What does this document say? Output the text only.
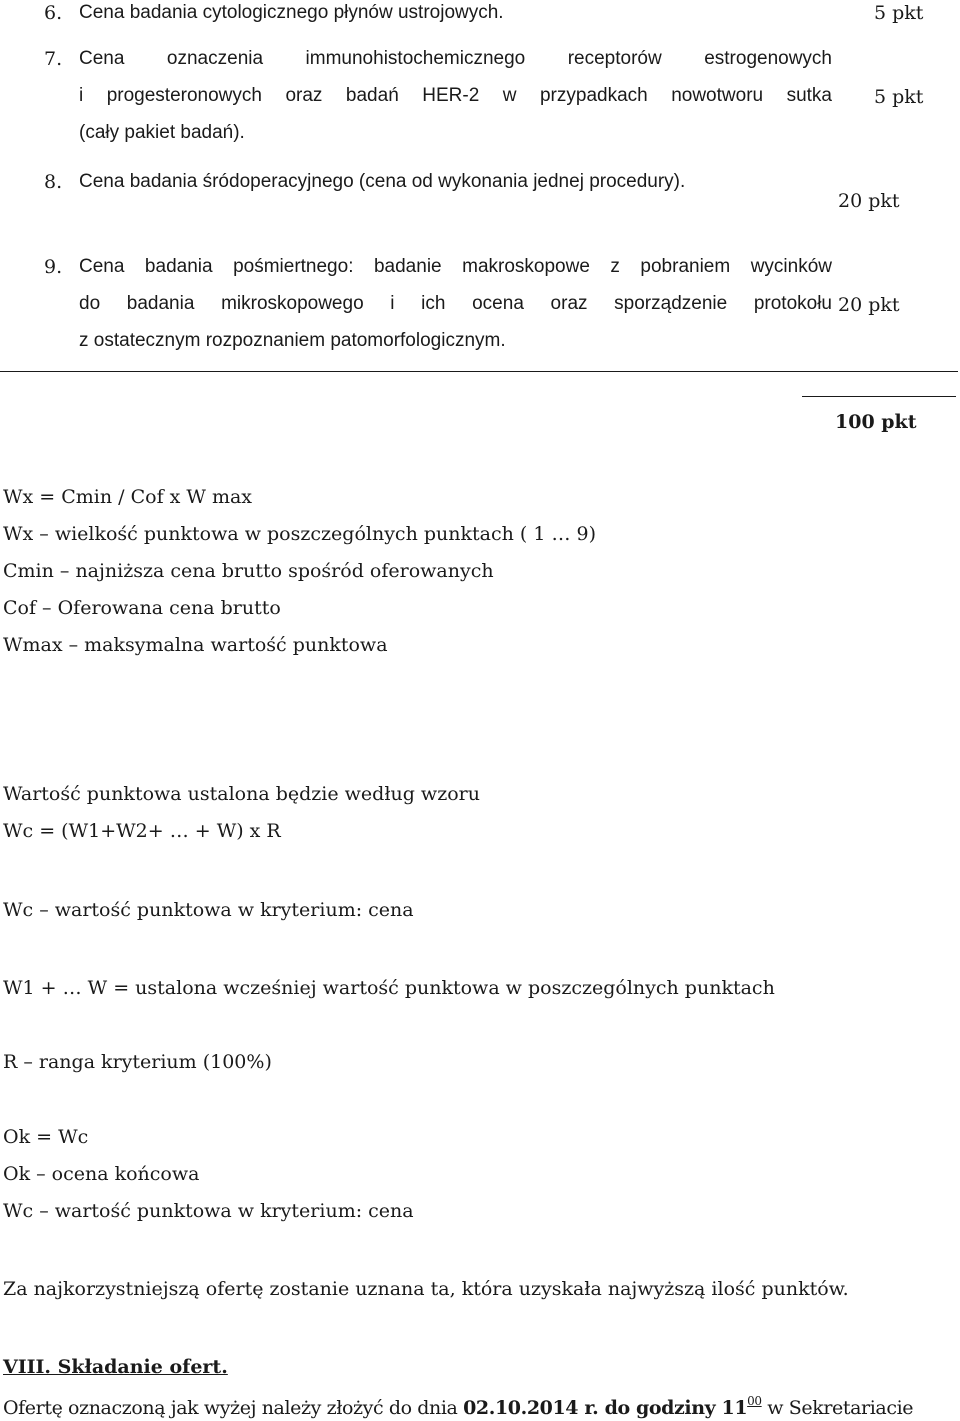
6. Cena badania cytologicznego płynów ustrojowych.	5 pkt
7. Cena oznaczenia immunohistochemicznego receptorów estrogenowych
i progesteronowych oraz badań HER-2 w przypadkach nowotworu sutka
(cały pakiet badań).
5 pkt
8. Cena badania śródoperacyjnego (cena od wykonania jednej procedury).
20 pkt
9. Cena badania pośmiertnego: badanie makroskopowe z pobraniem wycinków
do badania mikroskopowego i ich ocena oraz sporządzenie protokołu
z ostatecznym rozpoznaniem patomorfologicznym.
20 pkt
100 pkt
Wx = Cmin / Cof x W max
Wx – wielkość punktowa w poszczególnych punktach ( 1 … 9)
Cmin – najniższa cena brutto spośród oferowanych
Cof – Oferowana cena brutto
Wmax – maksymalna wartość punktowa
Wartość punktowa ustalona będzie według wzoru
Wc = (W1+W2+ … + W) x R
Wc – wartość punktowa w kryterium: cena
W1 + … W = ustalona wcześniej wartość punktowa w poszczególnych punktach
R – ranga kryterium (100%)
Ok = Wc
Ok – ocena końcowa
Wc – wartość punktowa w kryterium: cena
Za najkorzystniejszą ofertę zostanie uznana ta, która uzyskała najwyższą ilość punktów.
VIII. Składanie ofert.
Ofertę oznaczoną jak wyżej należy złożyć do dnia 02.10.2014 r. do godziny $11^{00}$ w Sekretariacie
